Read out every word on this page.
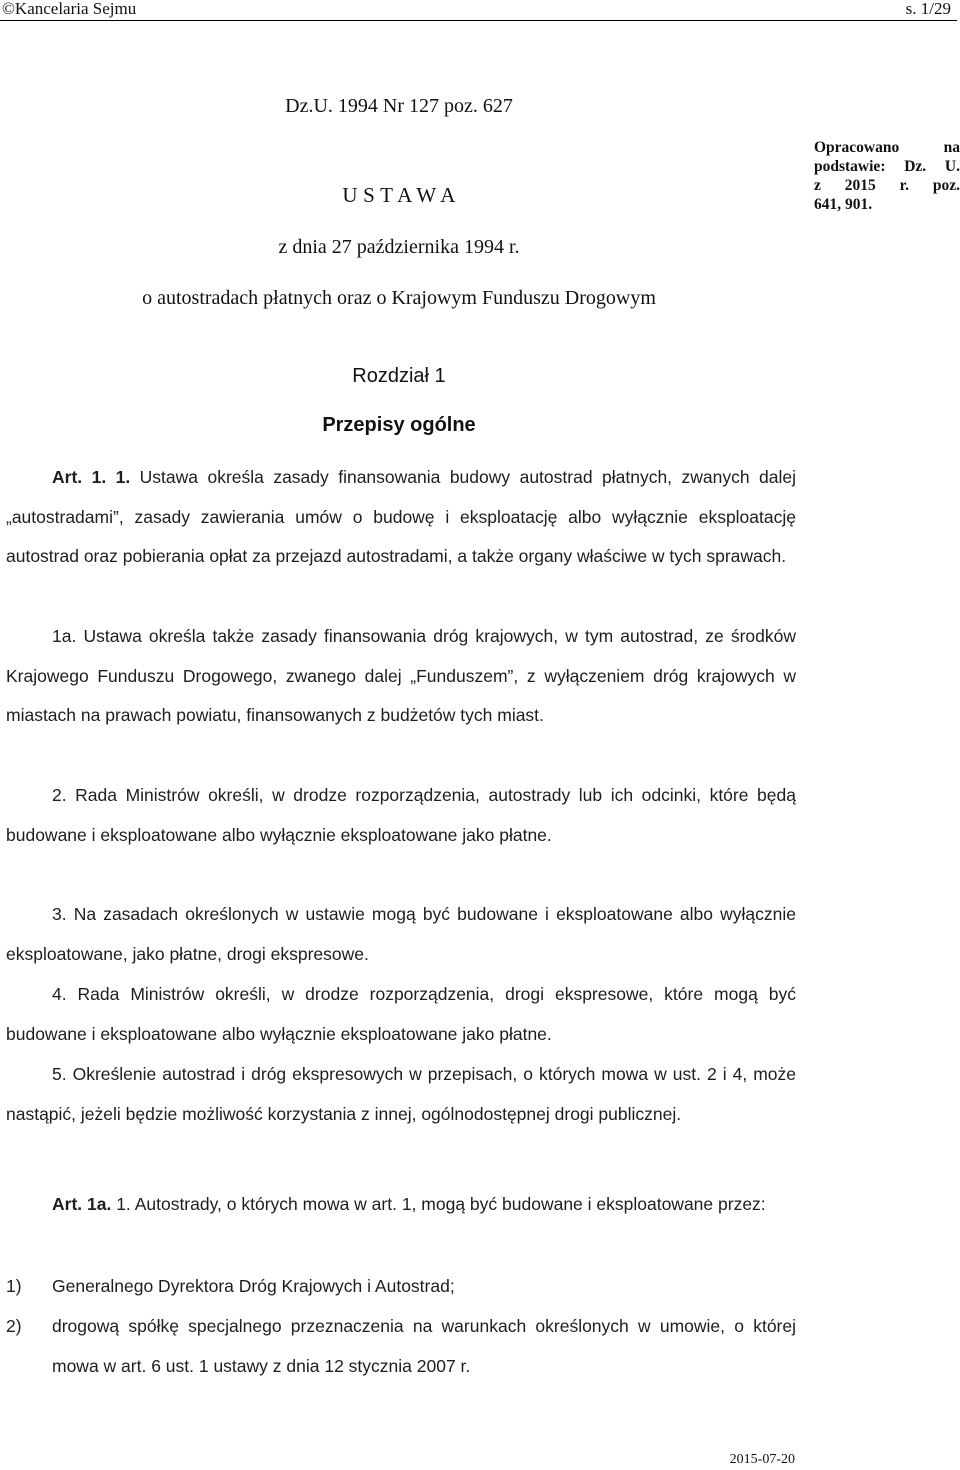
©Kancelaria Sejmu	s. 1/29
Dz.U. 1994 Nr 127 poz. 627
U S T A W A
z dnia 27 października 1994 r.
o autostradach płatnych oraz o Krajowym Funduszu Drogowym
Rozdział 1
Przepisy ogólne
Opracowano na
podstawie: Dz. U.
z 2015 r. poz.
641, 901.
Art. 1. 1. Ustawa określa zasady finansowania budowy autostrad płatnych, zwanych dalej „autostradami”, zasady zawierania umów o budowę i eksploatację albo wyłącznie eksploatację autostrad oraz pobierania opłat za przejazd autostradami, a także organy właściwe w tych sprawach.
1a. Ustawa określa także zasady finansowania dróg krajowych, w tym autostrad, ze środków Krajowego Funduszu Drogowego, zwanego dalej „Funduszem”, z wyłączeniem dróg krajowych w miastach na prawach powiatu, finansowanych z budżetów tych miast.
2. Rada Ministrów określi, w drodze rozporządzenia, autostrady lub ich odcinki, które będą budowane i eksploatowane albo wyłącznie eksploatowane jako płatne.
3. Na zasadach określonych w ustawie mogą być budowane i eksploatowane albo wyłącznie eksploatowane, jako płatne, drogi ekspresowe.
4. Rada Ministrów określi, w drodze rozporządzenia, drogi ekspresowe, które mogą być budowane i eksploatowane albo wyłącznie eksploatowane jako płatne.
5. Określenie autostrad i dróg ekspresowych w przepisach, o których mowa w ust. 2 i 4, może nastąpić, jeżeli będzie możliwość korzystania z innej, ogólnodostępnej drogi publicznej.
Art. 1a. 1. Autostrady, o których mowa w art. 1, mogą być budowane i eksploatowane przez:
1) Generalnego Dyrektora Dróg Krajowych i Autostrad;
2) drogową spółkę specjalnego przeznaczenia na warunkach określonych w umowie, o której mowa w art. 6 ust. 1 ustawy z dnia 12 stycznia 2007 r.
2015-07-20
